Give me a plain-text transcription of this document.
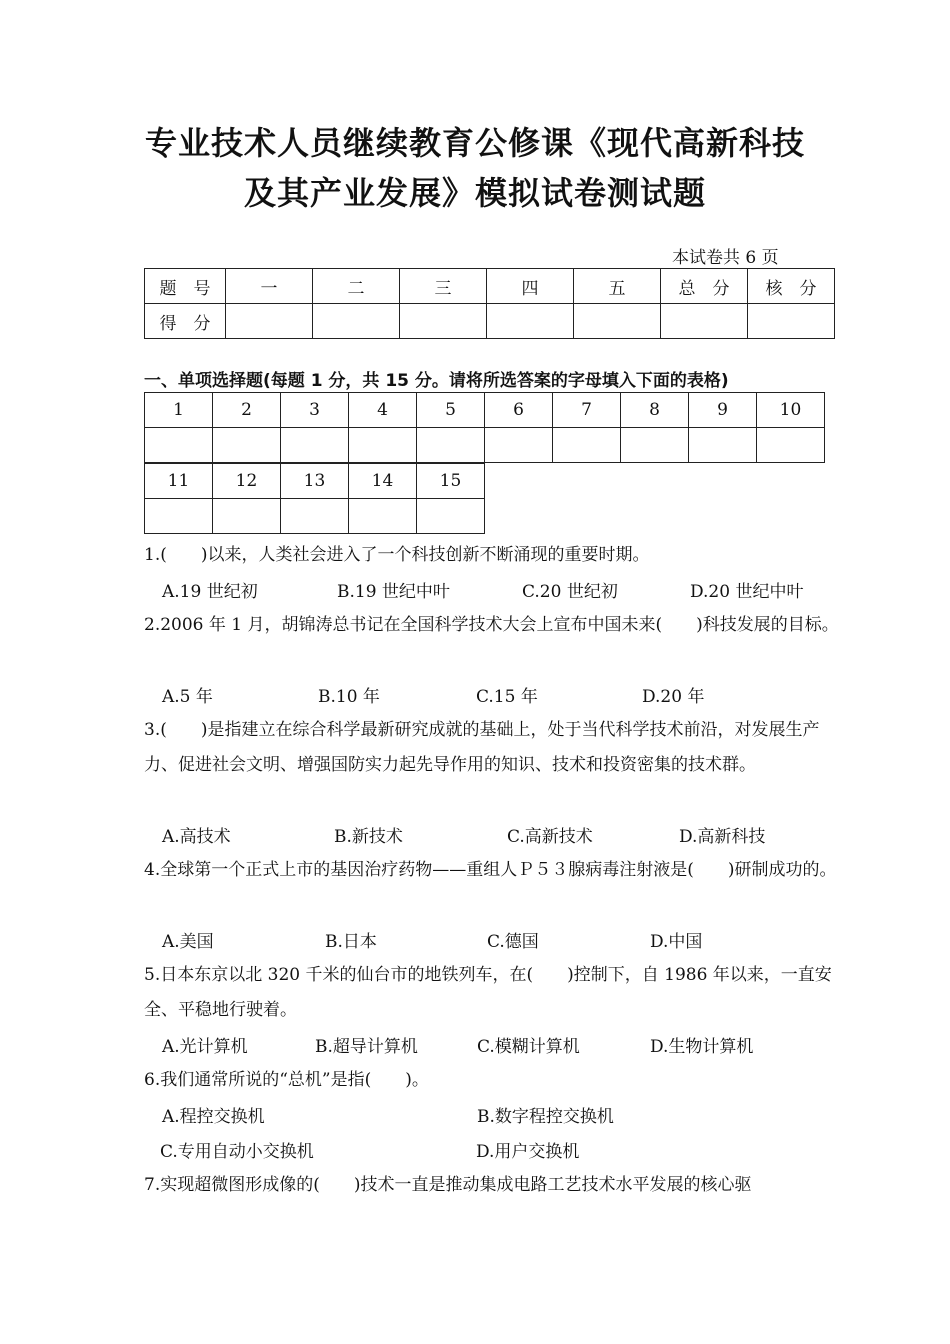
专业技术人员继续教育公修课《现代高新科技
及其产业发展》模拟试卷测试题
本试卷共 6 页
题　号	一	二	三	四	五	总　分	核　分
得　分							
一、单项选择题(每题 1 分，共 15 分。请将所选答案的字母填入下面的表格)
1	2	3	4	5	6	7	8	9	10

11	12	13	14	15

1.(　　)以来，人类社会进入了一个科技创新不断涌现的重要时期。
A.19 世纪初	B.19 世纪中叶	C.20 世纪初	D.20 世纪中叶
2.2006 年 1 月，胡锦涛总书记在全国科学技术大会上宣布中国未来(　　)科技发展的目标。
A.5 年	B.10 年	C.15 年	D.20 年
3.(　　)是指建立在综合科学最新研究成就的基础上，处于当代科学技术前沿，对发展生产力、促进社会文明、增强国防实力起先导作用的知识、技术和投资密集的技术群。
A.高技术	B.新技术	C.高新技术	D.高新科技
4.全球第一个正式上市的基因治疗药物——重组人Ｐ５３腺病毒注射液是(　　)研制成功的。
A.美国	B.日本	C.德国	D.中国
5.日本东京以北 320 千米的仙台市的地铁列车，在(　　)控制下，自 1986 年以来，一直安全、平稳地行驶着。
A.光计算机	B.超导计算机	C.模糊计算机	D.生物计算机
6.我们通常所说的“总机”是指(　　)。
A.程控交换机	B.数字程控交换机
C.专用自动小交换机	D.用户交换机
7.实现超微图形成像的(　　)技术一直是推动集成电路工艺技术水平发展的核心驱
